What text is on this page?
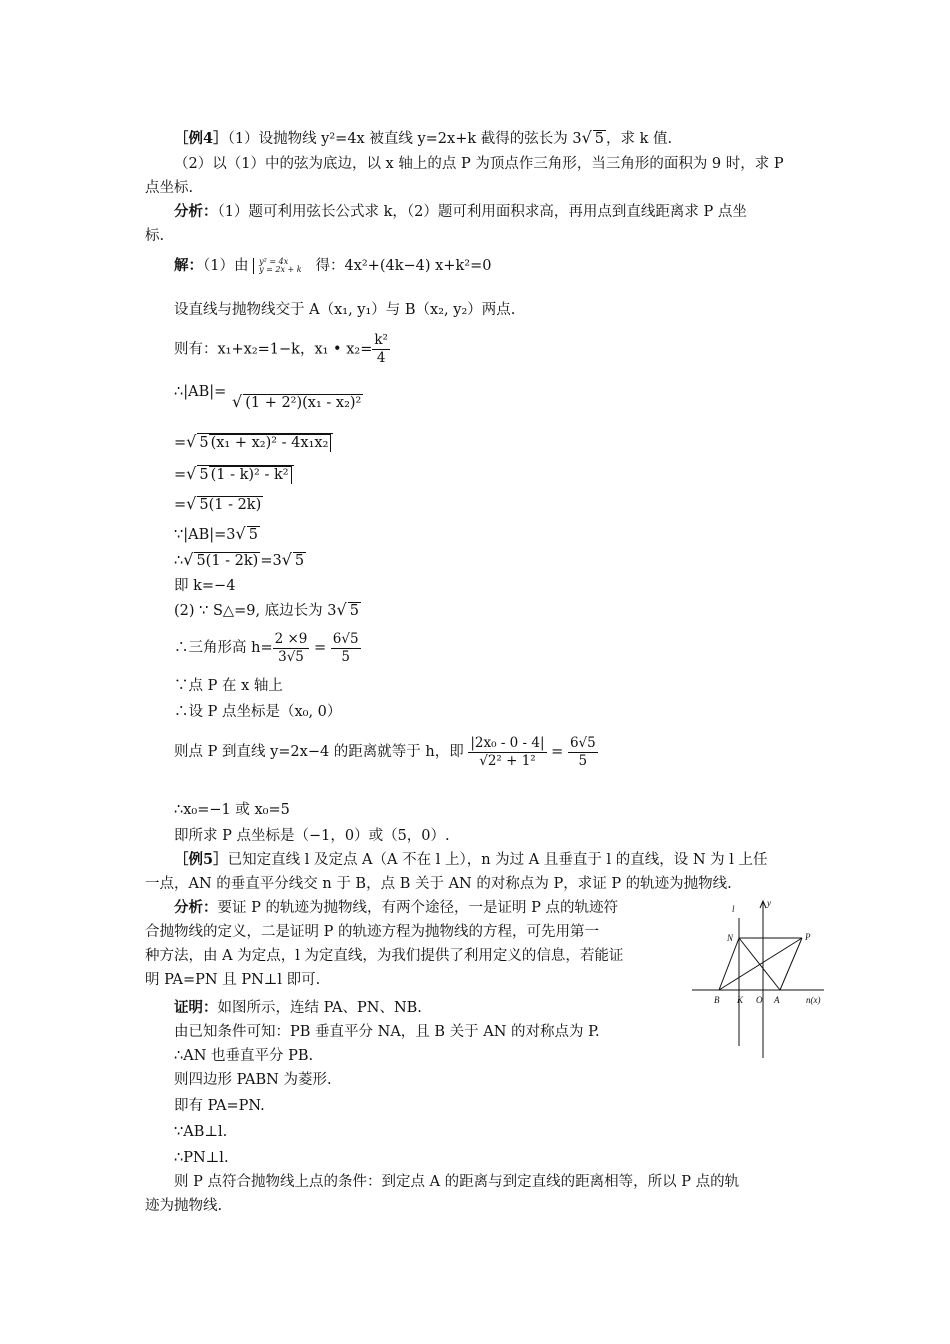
［例4］（1）设抛物线 y²=4x 被直线 y=2x+k 截得的弦长为 3√ 5 ，求 k 值.
（2）以（1）中的弦为底边，以 x 轴上的点 P 为顶点作三角形，当三角形的面积为 9 时，求 P
点坐标.
分析：（1）题可利用弦长公式求 k，（2）题可利用面积求高，再用点到直线距离求 P 点坐
标.
解：（1）由 y² = 4x
y = 2x + k 得：4x²+(4k−4) x+k²=0
设直线与抛物线交于 A（x₁, y₁）与 B（x₂, y₂）两点.
则有：x₁+x₂=1−k，x₁ • $x_2= \frac{\text{k²}}{4}$
∴|AB|= √ (1 + 2²)(x₁ - x₂)²
=√ 5 (x₁ + x₂)² - 4x₁x₂
=√ 5 (1 - k)² - k²
=√ 5(1 - 2k)
∵|AB|=3√ 5
∴√ 5(1 - 2k) =3√ 5
即 k=−4
(2) ∵ S△=9, 底边长为 3√ 5
∴三角形高 $h= \frac{2 \times 9}{3√5} = \frac{6√5}{5}$
∵点 P 在 x 轴上
∴设 P 点坐标是（x₀, 0）
则点 P 到直线 y=2x−4 的距离就等于 h，即 $\frac{\text{|2x₀ - 0 - 4|}}{\text{√2² + 1²}} = \frac{6√5}{5}$
∴x₀=−1 或 x₀=5
即所求 P 点坐标是（−1，0）或（5，0）.
［例5］已知定直线 l 及定点 A（A 不在 l 上），n 为过 A 且垂直于 l 的直线，设 N 为 l 上任
一点，AN 的垂直平分线交 n 于 B，点 B 关于 AN 的对称点为 P，求证 P 的轨迹为抛物线.
分析：要证 P 的轨迹为抛物线，有两个途径，一是证明 P 点的轨迹符
合抛物线的定义，二是证明 P 的轨迹方程为抛物线的方程，可先用第一
种方法，由 A 为定点，l 为定直线，为我们提供了利用定义的信息，若能证
明 PA=PN 且 PN⊥l 即可.
证明：如图所示，连结 PA、PN、NB.
由已知条件可知：PB 垂直平分 NA，且 B 关于 AN 的对称点为 P.
∴AN 也垂直平分 PB.
则四边形 PABN 为菱形.
即有 PA=PN.
∵AB⊥l.
∴PN⊥l.
则 P 点符合抛物线上点的条件：到定点 A 的距离与到定直线的距离相等，所以 P 点的轨
迹为抛物线.
l
y
N	P
B K O A	n(x)
